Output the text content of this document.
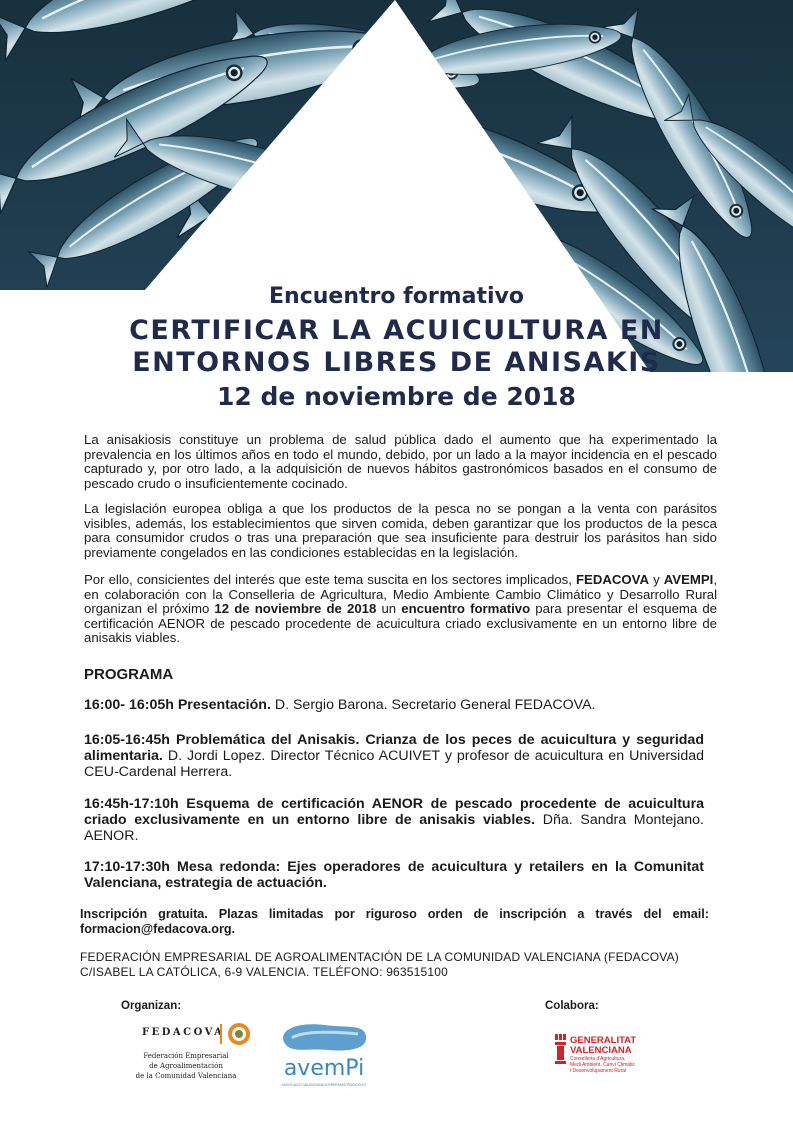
Encuentro formativo
CERTIFICAR LA ACUICULTURA EN
ENTORNOS LIBRES DE ANISAKIS
12 de noviembre de 2018

La anisakiosis constituye un problema de salud pública dado el aumento que ha experimentado la prevalencia en los últimos años en todo el mundo, debido, por un lado a la mayor incidencia en el pescado capturado y, por otro lado, a la adquisición de nuevos hábitos gastronómicos basados en el consumo de pescado crudo o insuficientemente cocinado.

La legislación europea obliga a que los productos de la pesca no se pongan a la venta con parásitos visibles, además, los establecimientos que sirven comida, deben garantizar que los productos de la pesca para consumidor crudos o tras una preparación que sea insuficiente para destruir los parásitos han sido previamente congelados en las condiciones establecidas en la legislación.

Por ello, consicientes del interés que este tema suscita en los sectores implicados, FEDACOVA y AVEMPI, en colaboración con la Conselleria de Agricultura, Medio Ambiente Cambio Climático y Desarrollo Rural organizan el próximo 12 de noviembre de 2018 un encuentro formativo para presentar el esquema de certificación AENOR de pescado procedente de acuicultura criado exclusivamente en un entorno libre de anisakis viables.

PROGRAMA

16:00- 16:05h Presentación. D. Sergio Barona. Secretario General FEDACOVA.

16:05-16:45h Problemática del Anisakis. Crianza de los peces de acuicultura y seguridad alimentaria. D. Jordi Lopez. Director Técnico ACUIVET y profesor de acuicultura en Universidad CEU-Cardenal Herrera.

16:45h-17:10h Esquema de certificación AENOR de pescado procedente de acuicultura criado exclusivamente en un entorno libre de anisakis viables. Dña. Sandra Montejano. AENOR.

17:10-17:30h Mesa redonda: Ejes operadores de acuicultura y retailers en la Comunitat Valenciana, estrategia de actuación.

Inscripción gratuita. Plazas limitadas por riguroso orden de inscripción a través del email: formacion@fedacova.org.

FEDERACIÓN EMPRESARIAL DE AGROALIMENTACIÓN DE LA COMUNIDAD VALENCIANA (FEDACOVA)
C/ISABEL LA CATÓLICA, 6-9 VALENCIA. TELÉFONO: 963515100
Organizan:	Colabora:
FEDACOVA
Federación Empresarial
de Agroalimentación
de la Comunidad Valenciana avemPi
ASSOCIACIÓ VALENCIANA D'EMPRESES PISCÍCOLES
GENERALITAT
VALENCIANA
Conselleria d'Agricultura,
Medi Ambient, Canvi Climàtic
i Desenvolupament Rural
